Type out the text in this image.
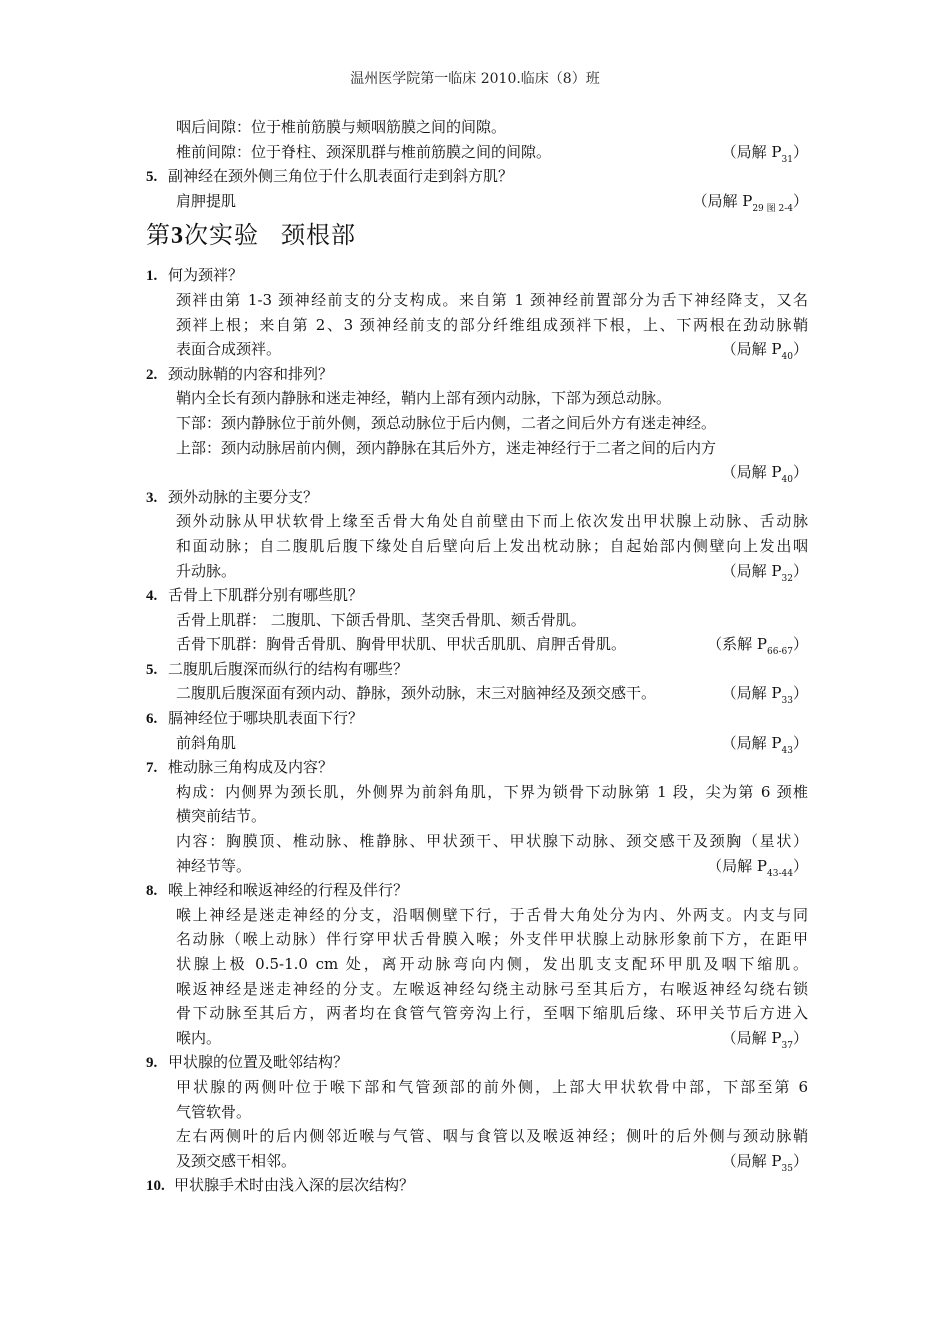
温州医学院第一临床 2010.临床（8）班
咽后间隙：位于椎前筋膜与颊咽筋膜之间的间隙。
椎前间隙：位于脊柱、颈深肌群与椎前筋膜之间的间隙。	（局解 $P_{31}$）
5. 副神经在颈外侧三角位于什么肌表面行走到斜方肌？
肩胛提肌	（局解 $P_{29 图 2-4}$）
第3次实验 颈根部
1. 何为颈袢？
颈袢由第 1-3 颈神经前支的分支构成。来自第 1 颈神经前置部分为舌下神经降支，又名
颈袢上根；来自第 2、3 颈神经前支的部分纤维组成颈袢下根，上、下两根在劲动脉鞘
表面合成颈袢。	（局解 $P_{40}$）
2. 颈动脉鞘的内容和排列？
鞘内全长有颈内静脉和迷走神经，鞘内上部有颈内动脉，下部为颈总动脉。
下部：颈内静脉位于前外侧，颈总动脉位于后内侧，二者之间后外方有迷走神经。
上部：颈内动脉居前内侧，颈内静脉在其后外方，迷走神经行于二者之间的后内方
（局解 $P_{40}$）
3. 颈外动脉的主要分支？
颈外动脉从甲状软骨上缘至舌骨大角处自前壁由下而上依次发出甲状腺上动脉、舌动脉
和面动脉；自二腹肌后腹下缘处自后壁向后上发出枕动脉；自起始部内侧壁向上发出咽
升动脉。	（局解 $P_{32}$）
4. 舌骨上下肌群分别有哪些肌？
舌骨上肌群： 二腹肌、下颌舌骨肌、茎突舌骨肌、颏舌骨肌。
舌骨下肌群：胸骨舌骨肌、胸骨甲状肌、甲状舌肌肌、肩胛舌骨肌。	（系解 $P_{66-67}$）
5. 二腹肌后腹深而纵行的结构有哪些？
二腹肌后腹深面有颈内动、静脉，颈外动脉，末三对脑神经及颈交感干。	（局解 $P_{33}$）
6. 膈神经位于哪块肌表面下行？
前斜角肌	（局解 $P_{43}$）
7. 椎动脉三角构成及内容？
构成：内侧界为颈长肌，外侧界为前斜角肌，下界为锁骨下动脉第 1 段，尖为第 6 颈椎
横突前结节。
内容：胸膜顶、椎动脉、椎静脉、甲状颈干、甲状腺下动脉、颈交感干及颈胸（星状）
神经节等。	（局解 $P_{43-44}$）
8. 喉上神经和喉返神经的行程及伴行？
喉上神经是迷走神经的分支，沿咽侧壁下行，于舌骨大角处分为内、外两支。内支与同
名动脉（喉上动脉）伴行穿甲状舌骨膜入喉；外支伴甲状腺上动脉形象前下方，在距甲
状腺上极 0.5-1.0 cm 处，离开动脉弯向内侧，发出肌支支配环甲肌及咽下缩肌。
喉返神经是迷走神经的分支。左喉返神经勾绕主动脉弓至其后方，右喉返神经勾绕右锁
骨下动脉至其后方，两者均在食管气管旁沟上行，至咽下缩肌后缘、环甲关节后方进入
喉内。	（局解 $P_{37}$）
9. 甲状腺的位置及毗邻结构？
甲状腺的两侧叶位于喉下部和气管颈部的前外侧，上部大甲状软骨中部，下部至第 6
气管软骨。
左右两侧叶的后内侧邻近喉与气管、咽与食管以及喉返神经；侧叶的后外侧与颈动脉鞘
及颈交感干相邻。	（局解 $P_{35}$）
10. 甲状腺手术时由浅入深的层次结构？
